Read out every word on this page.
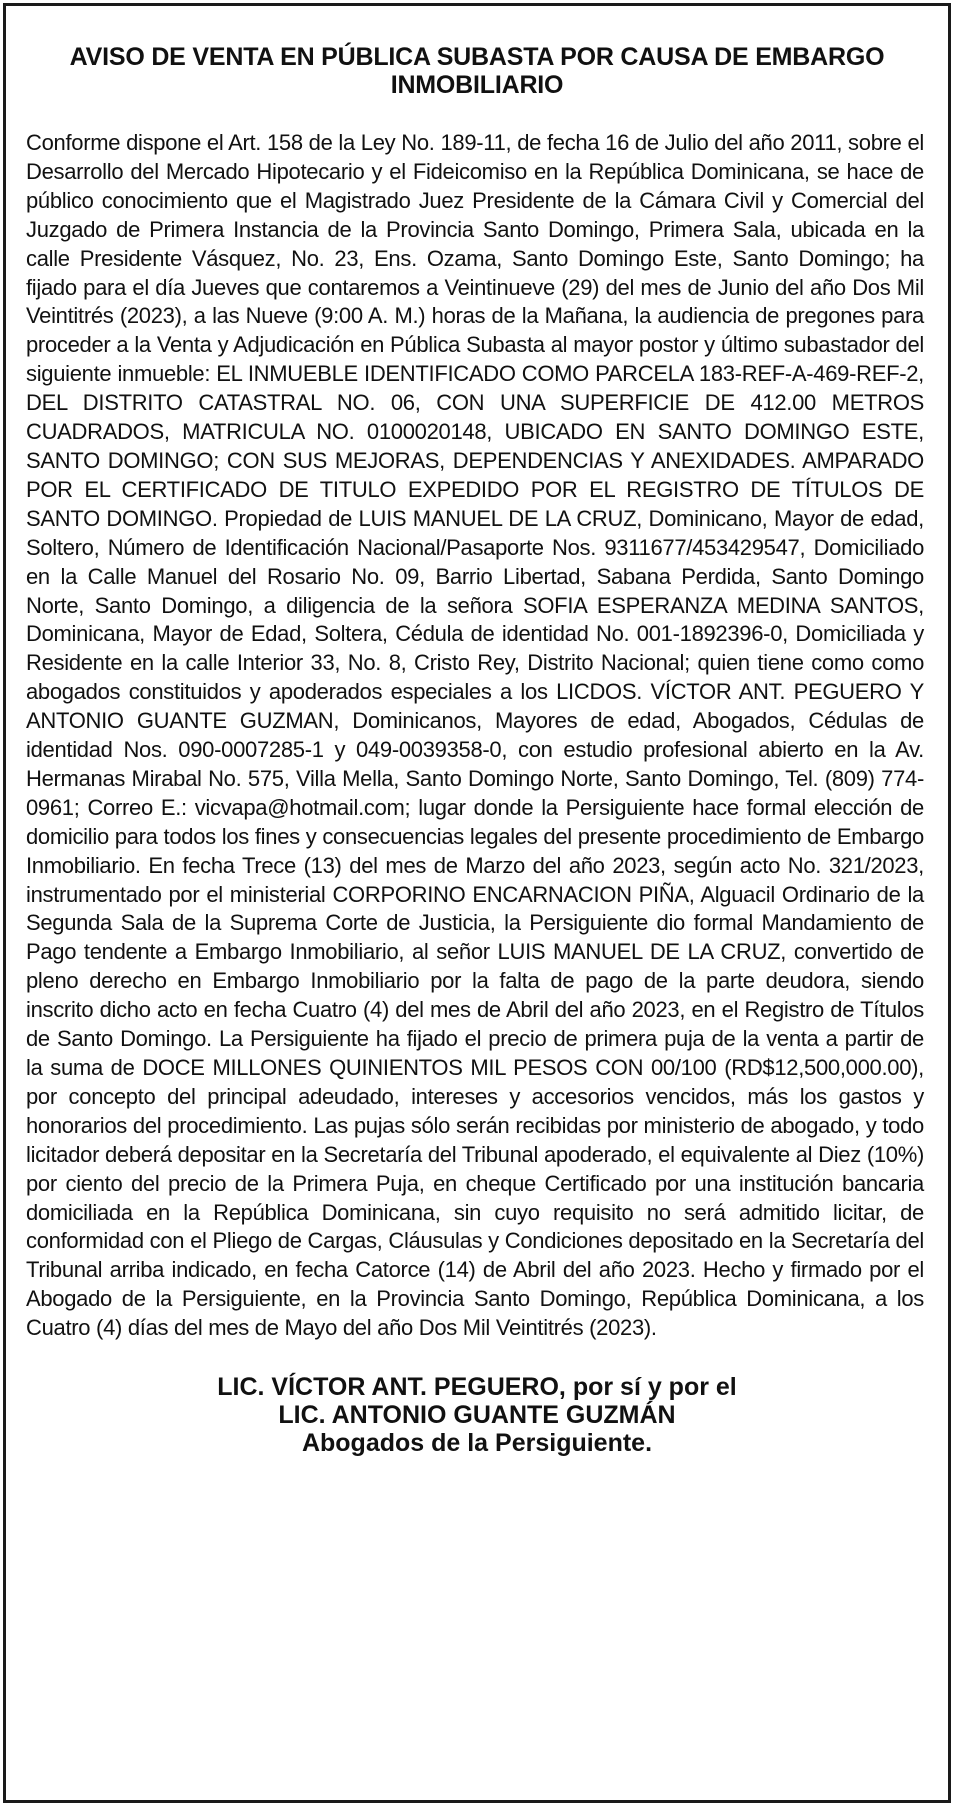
AVISO DE VENTA EN PÚBLICA SUBASTA POR CAUSA DE EMBARGO INMOBILIARIO
Conforme dispone el Art. 158 de la Ley No. 189-11, de fecha 16 de Julio del año 2011, sobre el Desarrollo del Mercado Hipotecario y el Fideicomiso en la República Dominicana, se hace de público conocimiento que el Magistrado Juez Presidente de la Cámara Civil y Comercial del Juzgado de Primera Instancia de la Provincia Santo Domingo, Primera Sala, ubicada en la calle Presidente Vásquez, No. 23, Ens. Ozama, Santo Domingo Este, Santo Domingo; ha fijado para el día Jueves que contaremos a Veintinueve (29) del mes de Junio del año Dos Mil Veintitrés (2023), a las Nueve (9:00 A. M.) horas de la Mañana, la audiencia de pregones para proceder a la Venta y Adjudicación en Pública Subasta al mayor postor y último subastador del siguiente inmueble: EL INMUEBLE IDENTIFICADO COMO PARCELA 183-REF-A-469-REF-2, DEL DISTRITO CATASTRAL NO. 06, CON UNA SUPERFICIE DE 412.00 METROS CUADRADOS, MATRICULA NO. 0100020148, UBICADO EN SANTO DOMINGO ESTE, SANTO DOMINGO; CON SUS MEJORAS, DEPENDENCIAS Y ANEXIDADES. AMPARADO POR EL CERTIFICADO DE TITULO EXPEDIDO POR EL REGISTRO DE TÍTULOS DE SANTO DOMINGO. Propiedad de LUIS MANUEL DE LA CRUZ, Dominicano, Mayor de edad, Soltero, Número de Identificación Nacional/Pasaporte Nos. 9311677/453429547, Domiciliado en la Calle Manuel del Rosario No. 09, Barrio Libertad, Sabana Perdida, Santo Domingo Norte, Santo Domingo, a diligencia de la señora SOFIA ESPERANZA MEDINA SANTOS, Dominicana, Mayor de Edad, Soltera, Cédula de identidad No. 001-1892396-0, Domiciliada y Residente en la calle Interior 33, No. 8, Cristo Rey, Distrito Nacional; quien tiene como como abogados constituidos y apoderados especiales a los LICDOS. VÍCTOR ANT. PEGUERO Y ANTONIO GUANTE GUZMAN, Dominicanos, Mayores de edad, Abogados, Cédulas de identidad Nos. 090-0007285-1 y 049-0039358-0, con estudio profesional abierto en la Av. Hermanas Mirabal No. 575, Villa Mella, Santo Domingo Norte, Santo Domingo, Tel. (809) 774-0961; Correo E.: vicvapa@hotmail.com; lugar donde la Persiguiente hace formal elección de domicilio para todos los fines y consecuencias legales del presente procedimiento de Embargo Inmobiliario. En fecha Trece (13) del mes de Marzo del año 2023, según acto No. 321/2023, instrumentado por el ministerial CORPORINO ENCARNACION PIÑA, Alguacil Ordinario de la Segunda Sala de la Suprema Corte de Justicia, la Persiguiente dio formal Mandamiento de Pago tendente a Embargo Inmobiliario, al señor LUIS MANUEL DE LA CRUZ, convertido de pleno derecho en Embargo Inmobiliario por la falta de pago de la parte deudora, siendo inscrito dicho acto en fecha Cuatro (4) del mes de Abril del año 2023, en el Registro de Títulos de Santo Domingo. La Persiguiente ha fijado el precio de primera puja de la venta a partir de la suma de DOCE MILLONES QUINIENTOS MIL PESOS CON 00/100 (RD$12,500,000.00), por concepto del principal adeudado, intereses y accesorios vencidos, más los gastos y honorarios del procedimiento. Las pujas sólo serán recibidas por ministerio de abogado, y todo licitador deberá depositar en la Secretaría del Tribunal apoderado, el equivalente al Diez (10%) por ciento del precio de la Primera Puja, en cheque Certificado por una institución bancaria domiciliada en la República Dominicana, sin cuyo requisito no será admitido licitar, de conformidad con el Pliego de Cargas, Cláusulas y Condiciones depositado en la Secretaría del Tribunal arriba indicado, en fecha Catorce (14) de Abril del año 2023. Hecho y firmado por el Abogado de la Persiguiente, en la Provincia Santo Domingo, República Dominicana, a los Cuatro (4) días del mes de Mayo del año Dos Mil Veintitrés (2023).
LIC. VÍCTOR ANT. PEGUERO, por sí y por el
LIC. ANTONIO GUANTE GUZMÁN
Abogados de la Persiguiente.
